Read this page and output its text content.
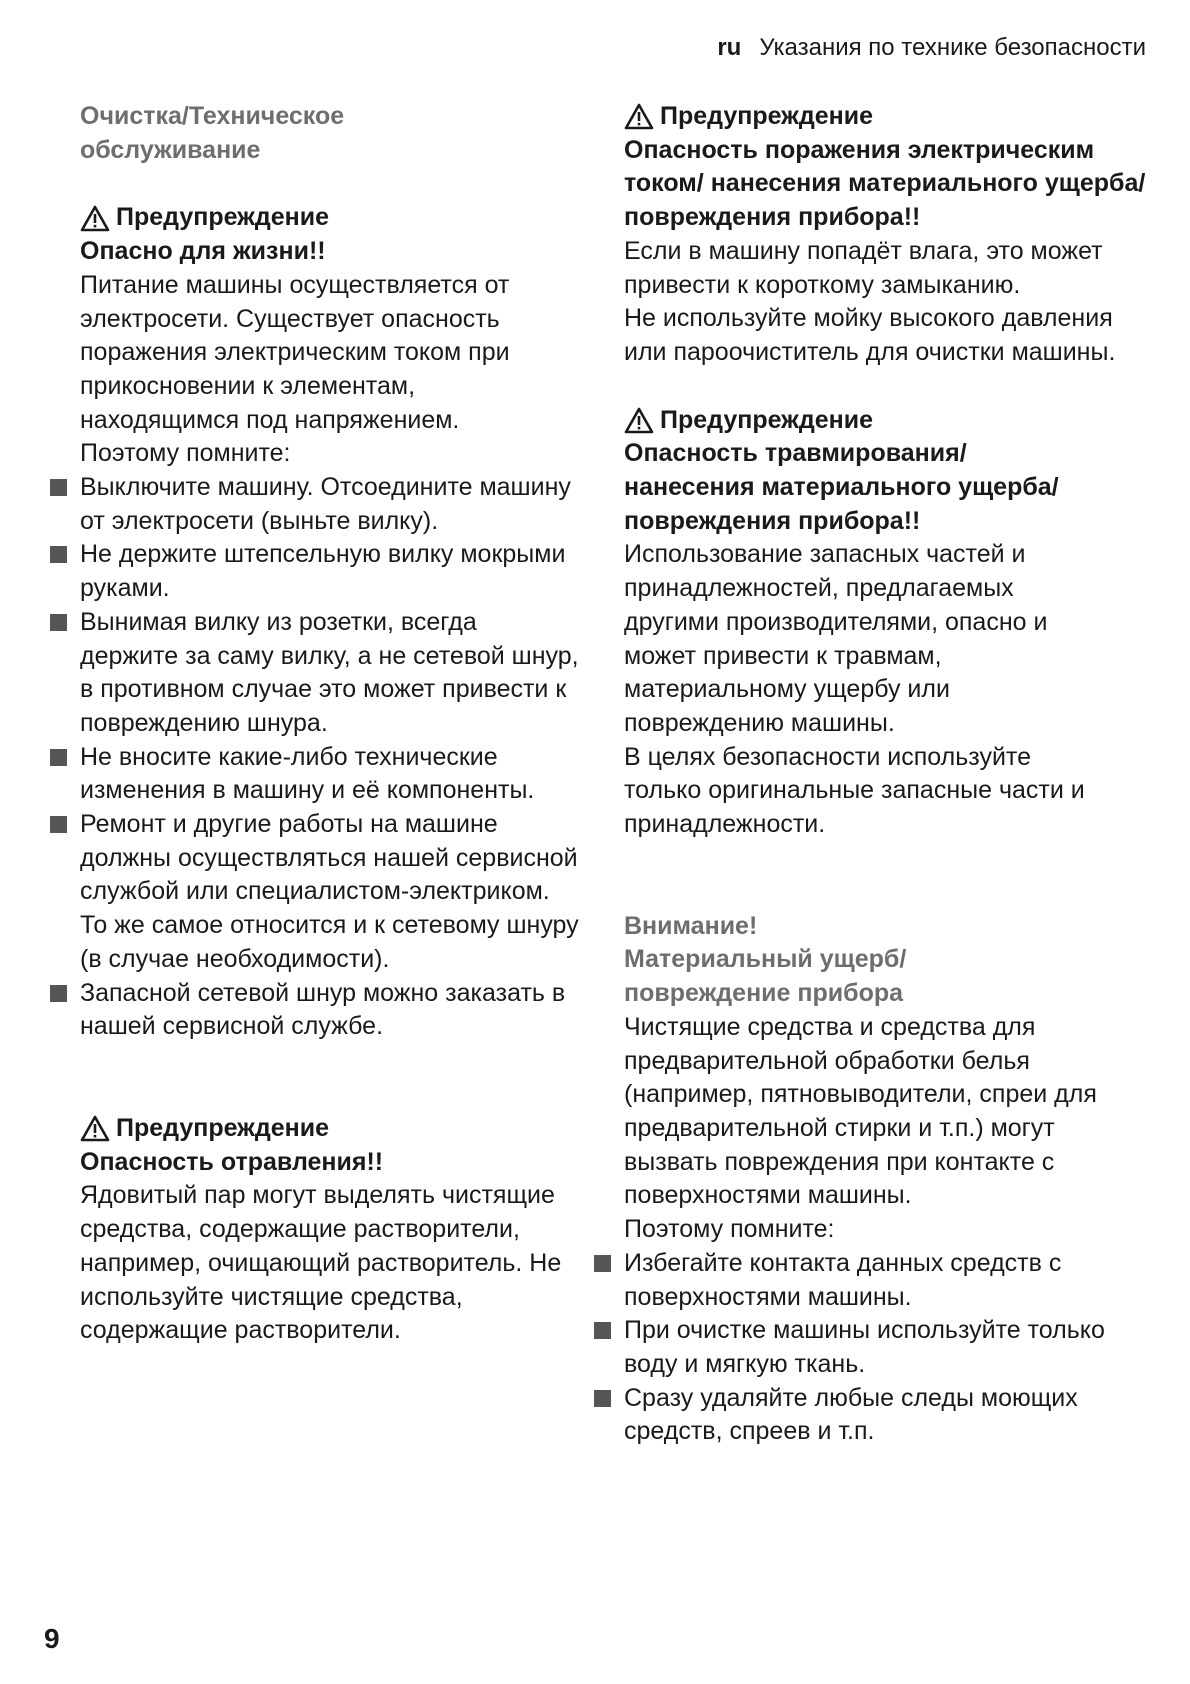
ru Указания по технике безопасности

Очистка/Техническое обслуживание

Предупреждение

Опасно для жизни!!

Питание машины осуществляется от электросети. Существует опасность поражения электрическим током при прикосновении к элементам, находящимся под напряжением.

Поэтому помните:

Выключите машину. Отсоедините машину от электросети (выньте вилку).
Не держите штепсельную вилку мокрыми руками.
Вынимая вилку из розетки, всегда держите за саму вилку, а не сетевой шнур, в противном случае это может привести к повреждению шнура.
Не вносите какие-либо технические изменения в машину и её компоненты.
Ремонт и другие работы на машине должны осуществляться нашей сервисной службой или специалистом-электриком.
То же самое относится и к сетевому шнуру (в случае необходимости).
Запасной сетевой шнур можно заказать в нашей сервисной службе.
Предупреждение

Опасность отравления!!

Ядовитый пар могут выделять чистящие средства, содержащие растворители, например, очищающий растворитель. Не используйте чистящие средства, содержащие растворители.

Предупреждение

Опасность поражения электрическим током/ нанесения материального ущерба/повреждения прибора!!

Если в машину попадёт влага, это может привести к короткому замыканию.

Не используйте мойку высокого давления или пароочиститель для очистки машины.

Предупреждение

Опасность травмирования/ нанесения материального ущерба/повреждения прибора!!

Использование запасных частей и принадлежностей, предлагаемых другими производителями, опасно и может привести к травмам, материальному ущербу или повреждению машины.

В целях безопасности используйте только оригинальные запасные части и принадлежности.

Внимание!

Материальный ущерб/ повреждение прибора

Чистящие средства и средства для предварительной обработки белья (например, пятновыводители, спреи для предварительной стирки и т.п.) могут вызвать повреждения при контакте с поверхностями машины.

Поэтому помните:

Избегайте контакта данных средств с поверхностями машины.
При очистке машины используйте только воду и мягкую ткань.
Сразу удаляйте любые следы моющих средств, спреев и т.п.
9
